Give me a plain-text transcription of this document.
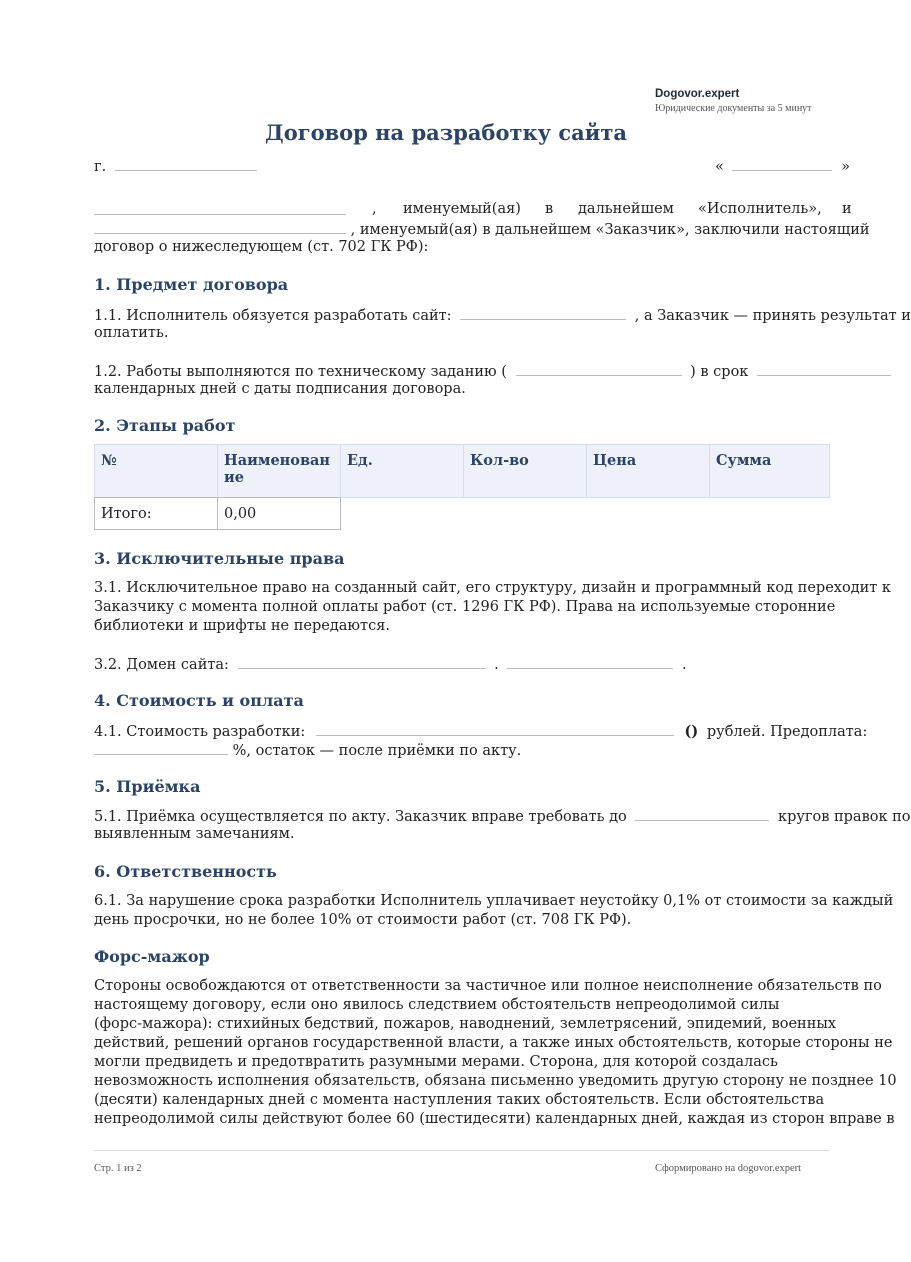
Dogovor.expert
Юридические документы за 5 минут
Договор на разработку сайта
г.	«	»
, именуемый(ая) в дальнейшем «Исполнитель», и
, именуемый(ая) в дальнейшем «Заказчик», заключили настоящий
договор о нижеследующем (ст. 702 ГК РФ):
1. Предмет договора
1.1. Исполнитель обязуется разработать сайт:	, а Заказчик — принять результат и
оплатить.
1.2. Работы выполняются по техническому заданию (	) в срок
календарных дней с даты подписания договора.
2. Этапы работ
№	Наименован ие	Ед.	Кол-во	Цена	Сумма
Итого:	0,00
3. Исключительные права
3.1. Исключительное право на созданный сайт, его структуру, дизайн и программный код переходит к
Заказчику с момента полной оплаты работ (ст. 1296 ГК РФ). Права на используемые сторонние
библиотеки и шрифты не передаются.
3.2. Домен сайта:	.	.
4. Стоимость и оплата
4.1. Стоимость разработки:	() рублей. Предоплата:
%, остаток — после приёмки по акту.
5. Приёмка
5.1. Приёмка осуществляется по акту. Заказчик вправе требовать до	кругов правок по
выявленным замечаниям.
6. Ответственность
6.1. За нарушение срока разработки Исполнитель уплачивает неустойку 0,1% от стоимости за каждый
день просрочки, но не более 10% от стоимости работ (ст. 708 ГК РФ).
Форс-мажор
Стороны освобождаются от ответственности за частичное или полное неисполнение обязательств по
настоящему договору, если оно явилось следствием обстоятельств непреодолимой силы
(форс-мажора): стихийных бедствий, пожаров, наводнений, землетрясений, эпидемий, военных
действий, решений органов государственной власти, а также иных обстоятельств, которые стороны не
могли предвидеть и предотвратить разумными мерами. Сторона, для которой создалась
невозможность исполнения обязательств, обязана письменно уведомить другую сторону не позднее 10
(десяти) календарных дней с момента наступления таких обстоятельств. Если обстоятельства
непреодолимой силы действуют более 60 (шестидесяти) календарных дней, каждая из сторон вправе в
Стр. 1 из 2	Сформировано на dogovor.expert
